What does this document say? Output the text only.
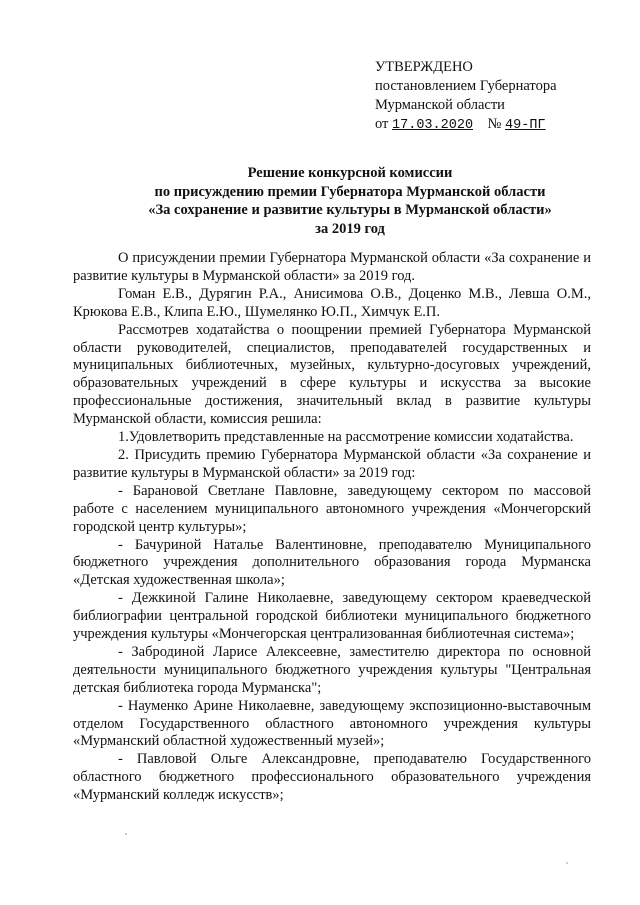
УТВЕРЖДЕНО
постановлением Губернатора
Мурманской области
от 17.03.2020 № 49-ПГ
Решение конкурсной комиссии
по присуждению премии Губернатора Мурманской области
«За сохранение и развитие культуры в Мурманской области»
за 2019 год

О присуждении премии Губернатора Мурманской области «За сохранение и развитие культуры в Мурманской области» за 2019 год.

Гоман Е.В., Дурягин Р.А., Анисимова О.В., Доценко М.В., Левша О.М., Крюкова Е.В., Клипа Е.Ю., Шумелянко Ю.П., Химчук Е.П.

Рассмотрев ходатайства о поощрении премией Губернатора Мурманской области руководителей, специалистов, преподавателей государственных и муниципальных библиотечных, музейных, культурно-досуговых учреждений, образовательных учреждений в сфере культуры и искусства за высокие профессиональные достижения, значительный вклад в развитие культуры Мурманской области, комиссия решила:

1.Удовлетворить представленные на рассмотрение комиссии ходатайства.

2. Присудить премию Губернатора Мурманской области «За сохранение и развитие культуры в Мурманской области» за 2019 год:

- Барановой Светлане Павловне, заведующему сектором по массовой работе с населением муниципального автономного учреждения «Мончегорский городской центр культуры»;

- Бачуриной Наталье Валентиновне, преподавателю Муниципального бюджетного учреждения дополнительного образования города Мурманска «Детская художественная школа»;

- Дежкиной Галине Николаевне, заведующему сектором краеведческой библиографии центральной городской библиотеки муниципального бюджетного учреждения культуры «Мончегорская централизованная библиотечная система»;

- Забродиной Ларисе Алексеевне, заместителю директора по основной деятельности муниципального бюджетного учреждения культуры "Центральная детская библиотека города Мурманска";

- Науменко Арине Николаевне, заведующему экспозиционно-выставочным отделом Государственного областного автономного учреждения культуры «Мурманский областной художественный музей»;

- Павловой Ольге Александровне, преподавателю Государственного областного бюджетного профессионального образовательного учреждения «Мурманский колледж искусств»;
